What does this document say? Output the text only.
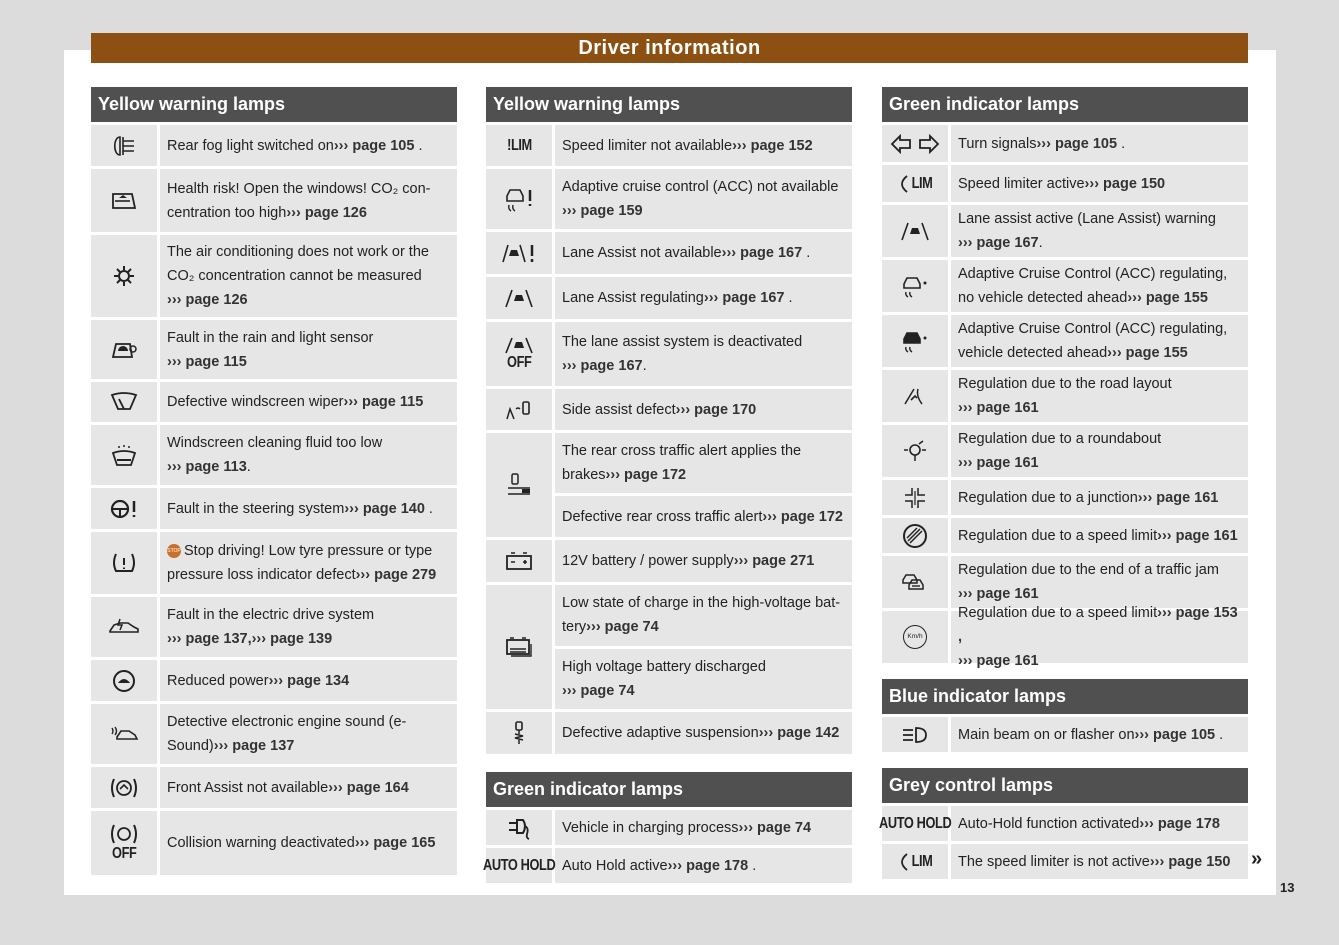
Driver information
Yellow warning lamps
Rear fog light switched on››› page 105 .
Health risk! Open the windows! CO₂ con-centration too high››› page 126
The air conditioning does not work or the CO₂ concentration cannot be measured
››› page 126
Fault in the rain and light sensor
››› page 115
Defective windscreen wiper››› page 115
Windscreen cleaning fluid too low
››› page 113.
Fault in the steering system››› page 140 .
STOP Stop driving! Low tyre pressure or type pressure loss indicator defect››› page 279
Fault in the electric drive system
››› page 137,››› page 139
Reduced power››› page 134
Detective electronic engine sound (e-Sound)››› page 137
Front Assist not available››› page 164
OFF
Collision warning deactivated››› page 165
Yellow warning lamps
!LIM Speed limiter not available››› page 152
Adaptive cruise control (ACC) not available
››› page 159
Lane Assist not available››› page 167 .
Lane Assist regulating››› page 167 .
OFF
The lane assist system is deactivated
››› page 167.
Side assist defect››› page 170
The rear cross traffic alert applies the brakes››› page 172
Defective rear cross traffic alert››› page 172
12V battery / power supply››› page 271
Low state of charge in the high-voltage bat-tery››› page 74
High voltage battery discharged
››› page 74
Defective adaptive suspension››› page 142
Green indicator lamps
Vehicle in charging process››› page 74
AUTO HOLD Auto Hold active››› page 178 .
Green indicator lamps
Turn signals››› page 105 .
LIM Speed limiter active››› page 150
Lane assist active (Lane Assist) warning
››› page 167.
Adaptive Cruise Control (ACC) regulating, no vehicle detected ahead››› page 155
Adaptive Cruise Control (ACC) regulating, vehicle detected ahead››› page 155
Regulation due to the road layout
››› page 161
Regulation due to a roundabout
››› page 161
Regulation due to a junction››› page 161
Regulation due to a speed limit››› page 161
Regulation due to the end of a traffic jam
››› page 161
Km/h
Regulation due to a speed limit››› page 153 ,
››› page 161
Blue indicator lamps
Main beam on or flasher on››› page 105 .
Grey control lamps
AUTO HOLD Auto-Hold function activated››› page 178
LIM The speed limiter is not active››› page 150 »
13
